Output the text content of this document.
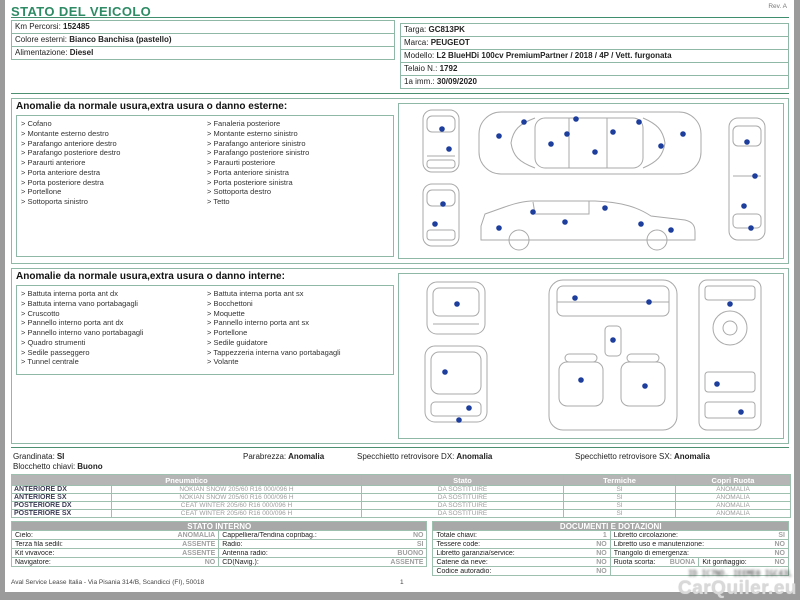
STATO DEL VEICOLO	Rev. A
Km Percorsi: 152485
Colore esterni: Bianco Banchisa (pastello)
Alimentazione: Diesel
Targa: GC813PK
Marca: PEUGEOT
Modello: L2 BlueHDi 100cv PremiumPartner / 2018 / 4P / Vett. furgonata
Telaio N.: 1792
1a imm.: 30/09/2020
Anomalie da normale usura,extra usura o danno esterne:
> Cofano
> Montante esterno destro
> Parafango anteriore destro
> Parafango posteriore destro
> Paraurti anteriore
> Porta anteriore destra
> Porta posteriore destra
> Portellone
> Sottoporta sinistro
> Fanaleria posteriore
> Montante esterno sinistro
> Parafango anteriore sinistro
> Parafango posteriore sinistro
> Paraurti posteriore
> Porta anteriore sinistra
> Porta posteriore sinistra
> Sottoporta destro
> Tetto
Anomalie da normale usura,extra usura o danno interne:
> Battuta interna porta ant dx
> Battuta interna vano portabagagli
> Cruscotto
> Pannello interno porta ant dx
> Pannello interno vano portabagagli
> Quadro strumenti
> Sedile passeggero
> Tunnel centrale
> Battuta interna porta ant sx
> Bocchettoni
> Moquette
> Pannello interno porta ant sx
> Portellone
> Sedile guidatore
> Tappezzeria interna vano portabagagli
> Volante
Grandinata: SI
Blocchetto chiavi: Buono
Parabrezza: Anomalia	Specchietto retrovisore DX: Anomalia	Specchietto retrovisore SX: Anomalia
Pneumatico		Stato	Termiche	Copri Ruota
ANTERIORE DX	NOKIAN SNOW 205/60 R16 000/096 H	DA SOSTITUIRE	SI	ANOMALIA
ANTERIORE SX	NOKIAN SNOW 205/60 R16 000/096 H	DA SOSTITUIRE	SI	ANOMALIA
POSTERIORE DX	CEAT WINTER 205/60 R16 000/096 H	DA SOSTITUIRE	SI	ANOMALIA
POSTERIORE SX	CEAT WINTER 205/60 R16 000/096 H	DA SOSTITUIRE	SI	ANOMALIA
STATO INTERNO
Cielo:	ANOMALIA Cappelliera/Tendina copribag.:	NO
Terza fila sedili:	ASSENTE Radio:	SI
Kit vivavoce:	ASSENTE Antenna radio:	BUONO
Navigatore:	NO CD(Navig.):	ASSENTE
DOCUMENTI E DOTAZIONI
Totale chiavi:	1 Libretto circolazione:	SI
Tessere code:	NO Libretto uso e manutenzione:	NO
Libretto garanzia/service:	NO Triangolo di emergenza:	NO
Catene da neve:	NO Ruota scorta: BUONA Kit gonfiaggio:	NO
Codice autoradio:	NO
Aval Service Lease Italia - Via Pisania 314/B, Scandicci (FI), 50018	1
ID IC7NO. IEEME0 IGC43L
CarQuiler.eu
